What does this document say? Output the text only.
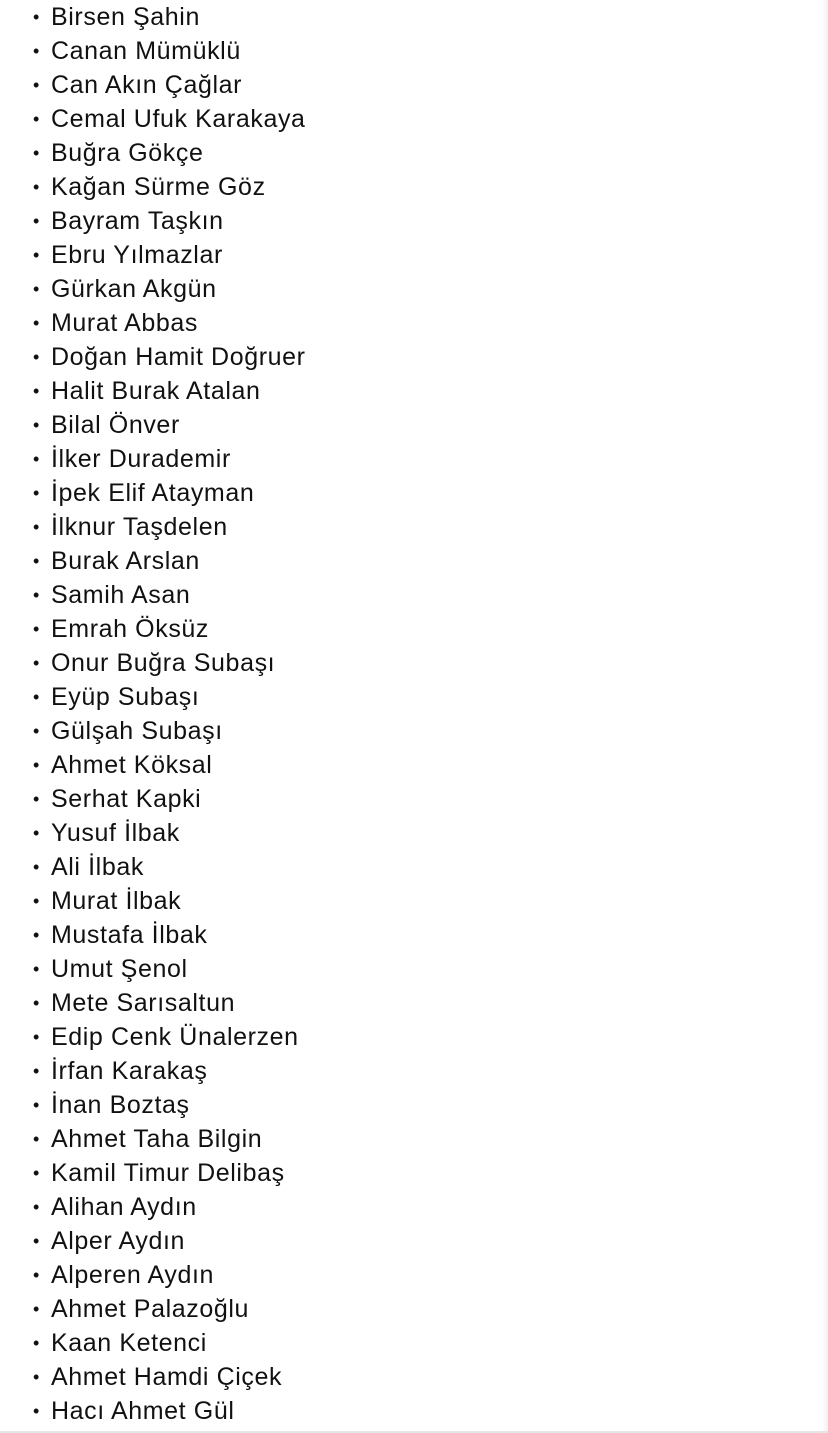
• Birsen Şahin
• Canan Mümüklü
• Can Akın Çağlar
• Cemal Ufuk Karakaya
• Buğra Gökçe
• Kağan Sürme Göz
• Bayram Taşkın
• Ebru Yılmazlar
• Gürkan Akgün
• Murat Abbas
• Doğan Hamit Doğruer
• Halit Burak Atalan
• Bilal Önver
• İlker Durademir
• İpek Elif Atayman
• İlknur Taşdelen
• Burak Arslan
• Samih Asan
• Emrah Öksüz
• Onur Buğra Subaşı
• Eyüp Subaşı
• Gülşah Subaşı
• Ahmet Köksal
• Serhat Kapki
• Yusuf İlbak
• Ali İlbak
• Murat İlbak
• Mustafa İlbak
• Umut Şenol
• Mete Sarısaltun
• Edip Cenk Ünalerzen
• İrfan Karakaş
• İnan Boztaş
• Ahmet Taha Bilgin
• Kamil Timur Delibaş
• Alihan Aydın
• Alper Aydın
• Alperen Aydın
• Ahmet Palazoğlu
• Kaan Ketenci
• Ahmet Hamdi Çiçek
• Hacı Ahmet Gül
